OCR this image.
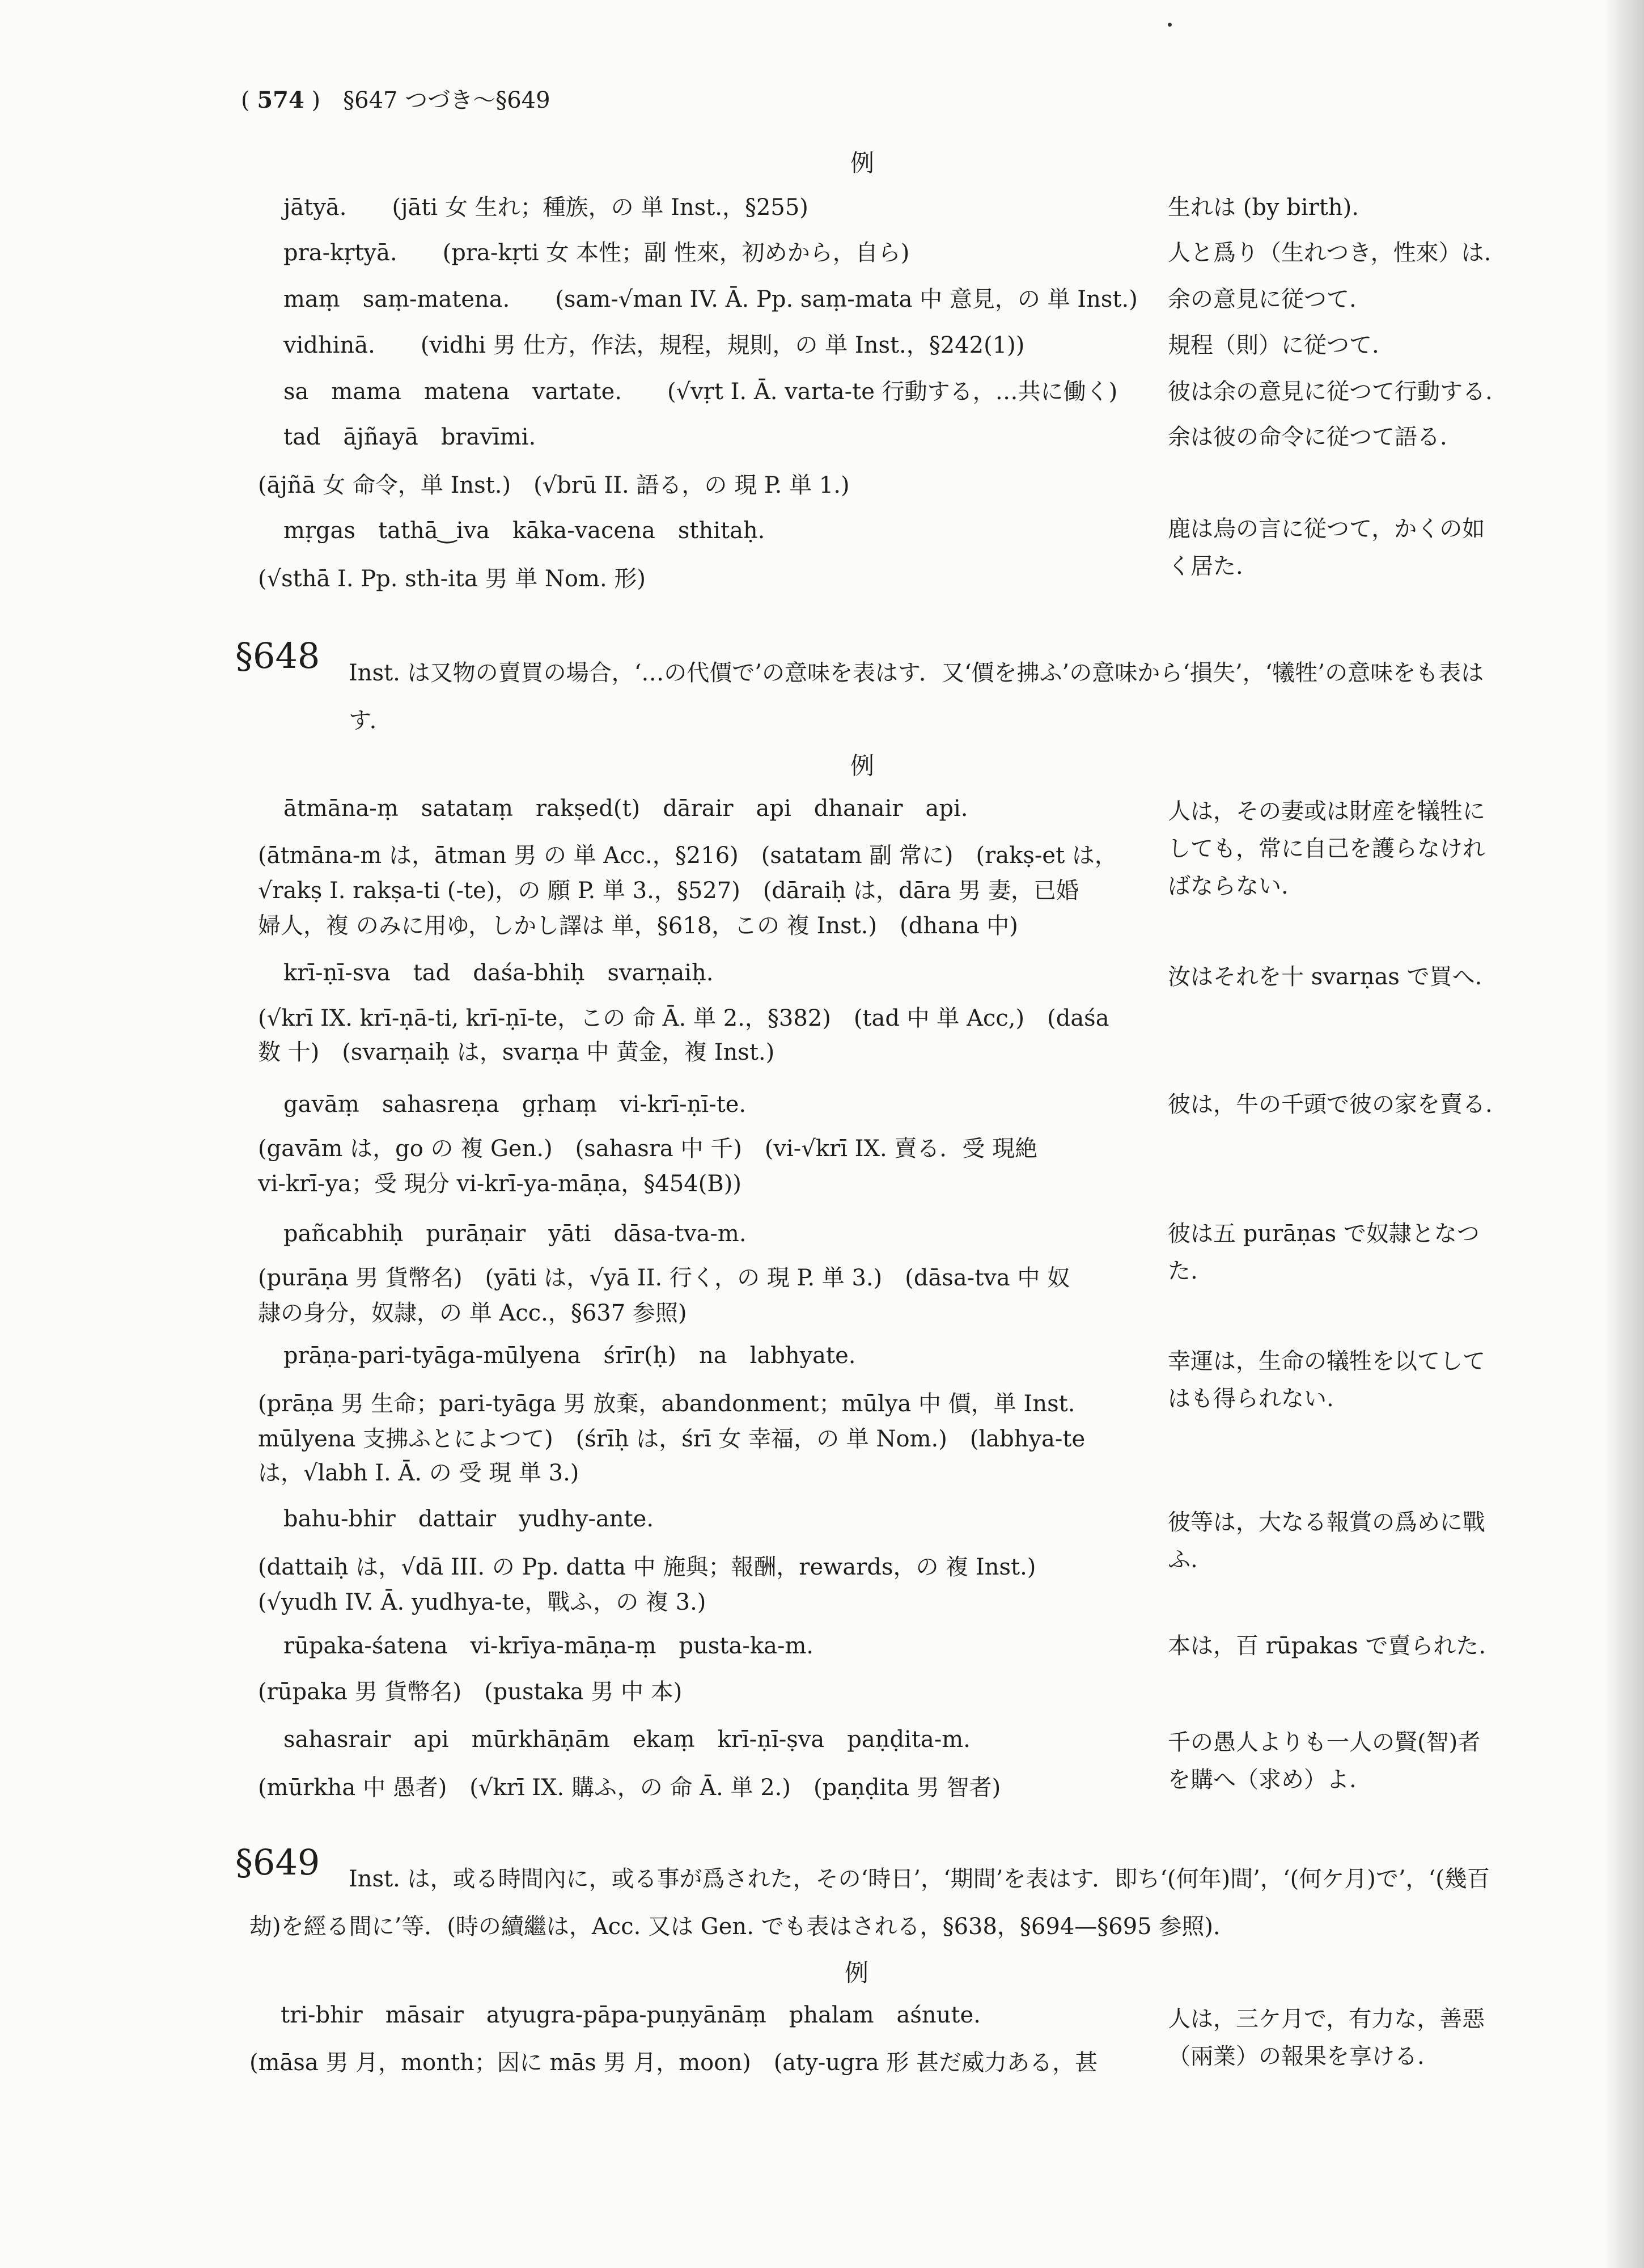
( 574 )　§647 つづき～§649
例
jātyā.　　(jāti 女 生れ；種族，の 単 Inst.，§255)	生れは (by birth).
pra-kṛtyā.　　(pra-kṛti 女 本性；副 性來，初めから，自ら)	人と爲り（生れつき，性來）は.
maṃ　saṃ-matena.　　(sam-√man IV. Ā. Pp. saṃ-mata 中 意見，の 単 Inst.) 余の意見に従つて.
vidhinā.　　(vidhi 男 仕方，作法，規程，規則，の 単 Inst.，§242(1))	規程（則）に従つて.
sa　mama　matena　vartate.　　(√vṛt I. Ā. varta-te 行動する，…共に働く) 彼は余の意見に従つて行動する.
tad　ājñayā　bravīmi.	余は彼の命令に従つて語る.
(ājñā 女 命令，単 Inst.)　(√brū II. 語る，の 現 P. 単 1.)
mṛgas　tathā‿iva　kāka-vacena　sthitaḥ.	鹿は烏の言に従つて，かくの如く居た.
(√sthā I. Pp. sth-ita 男 単 Nom. 形)
§648 Inst. は又物の賣買の場合，‘…の代價で’の意味を表はす．又‘價を拂ふ’の意味から‘損失’，‘犧牲’の意味をも表はす．
例
ātmāna-ṃ　satataṃ　rakṣed(t)　dārair　api　dhanair　api.	人は，その妻或は財産を犠牲にしても，常に自己を護らなければならない.
(ātmāna-m は，ātman 男 の 単 Acc.，§216)　(satatam 副 常に)　(rakṣ-et は，
√rakṣ I. rakṣa-ti (-te)，の 願 P. 単 3.，§527)　(dāraiḥ は，dāra 男 妻，已婚
婦人，複 のみに用ゆ，しかし譯は 単，§618，この 複 Inst.)　(dhana 中)
krī-ṇī-sva　tad　daśa-bhiḥ　svarṇaiḥ.	汝はそれを十 svarṇas で買へ.
(√krī IX. krī-ṇā-ti, krī-ṇī-te，この 命 Ā. 単 2.，§382)　(tad 中 単 Acc,)　(daśa
数 十)　(svarṇaiḥ は，svarṇa 中 黄金，複 Inst.)
gavāṃ　sahasreṇa　gṛhaṃ　vi-krī-ṇī-te.	彼は，牛の千頭で彼の家を賣る.
(gavām は，go の 複 Gen.)　(sahasra 中 千)　(vi-√krī IX. 賣る．受 現絶
vi-krī-ya；受 現分 vi-krī-ya-māṇa，§454(B))
pañcabhiḥ　purāṇair　yāti　dāsa-tva-m.	彼は五 purāṇas で奴隷となつた.
(purāṇa 男 貨幣名)　(yāti は，√yā II. 行く，の 現 P. 単 3.)　(dāsa-tva 中 奴
隷の身分，奴隷，の 単 Acc.，§637 参照)
prāṇa-pari-tyāga-mūlyena　śrīr(ḥ)　na　labhyate.	幸運は，生命の犠牲を以てしてはも得られない.
(prāṇa 男 生命；pari-tyāga 男 放棄，abandonment；mūlya 中 價，単 Inst.
mūlyena 支拂ふとによつて)　(śrīḥ は，śrī 女 幸福，の 単 Nom.)　(labhya-te
は，√labh I. Ā. の 受 現 単 3.)
bahu-bhir　dattair　yudhy-ante.	彼等は，大なる報賞の爲めに戰ふ.
(dattaiḥ は，√dā III. の Pp. datta 中 施與；報酬，rewards，の 複 Inst.)
(√yudh IV. Ā. yudhya-te，戰ふ，の 複 3.)
rūpaka-śatena　vi-krīya-māṇa-ṃ　pusta-ka-m.	本は，百 rūpakas で賣られた.
(rūpaka 男 貨幣名)　(pustaka 男 中 本)
sahasrair　api　mūrkhāṇām　ekaṃ　krī-ṇī-ṣva　paṇḍita-m.	千の愚人よりも一人の賢(智)者を購へ（求め）よ.
(mūrkha 中 愚者)　(√krī IX. 購ふ，の 命 Ā. 単 2.)　(paṇḍita 男 智者)
§649	Inst. は，或る時間內に，或る事が爲された，その‘時日’，‘期間’を表はす．即ち‘(何年)間’，‘(何ケ月)で’，‘(幾百劫)を經る間に’等．(時の續繼は，Acc. 又は Gen. でも表はされる，§638，§694—§695 参照)．
例
tri-bhir　māsair　atyugra-pāpa-puṇyānāṃ　phalam　aśnute.	人は，三ケ月で，有力な，善惡（兩業）の報果を享ける.
(māsa 男 月，month；因に mās 男 月，moon)　(aty-ugra 形 甚だ威力ある，甚
